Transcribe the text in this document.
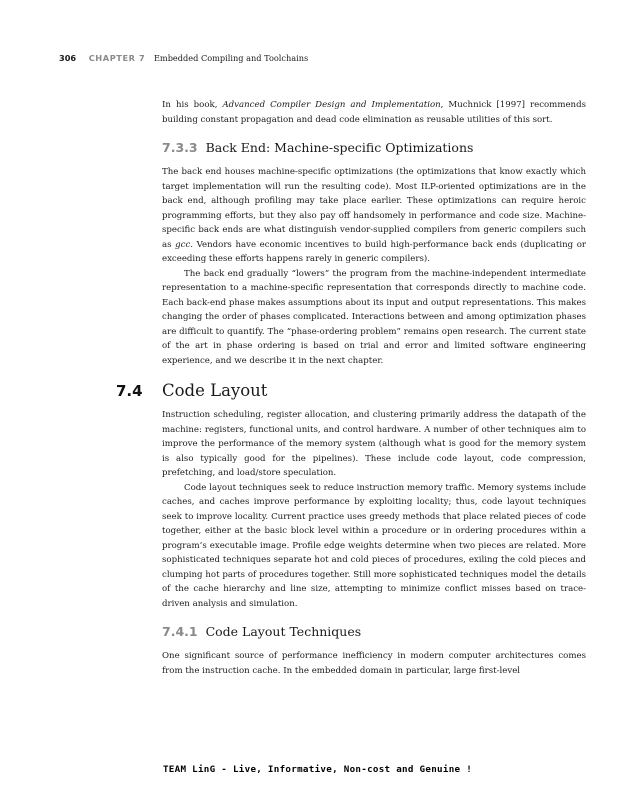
306 CHAPTER 7 Embedded Compiling and Toolchains

In his book, Advanced Compiler Design and Implementation, Muchnick [1997] recommends building constant propagation and dead code elimination as reusable utilities of this sort.

7.3.3 Back End: Machine-specific Optimizations

The back end houses machine-specific optimizations (the optimizations that know exactly which target implementation will run the resulting code). Most ILP-oriented optimizations are in the back end, although profiling may take place earlier. These optimizations can require heroic programming efforts, but they also pay off handsomely in performance and code size. Machine-specific back ends are what distinguish vendor-supplied compilers from generic compilers such as gcc. Vendors have economic incentives to build high-performance back ends (duplicating or exceeding these efforts happens rarely in generic compilers).

The back end gradually “lowers” the program from the machine-independent intermediate representation to a machine-specific representation that corresponds directly to machine code. Each back-end phase makes assumptions about its input and output representations. This makes changing the order of phases complicated. Interactions between and among optimization phases are difficult to quantify. The “phase-ordering problem” remains open research. The current state of the art in phase ordering is based on trial and error and limited software engineering experience, and we describe it in the next chapter.

7.4 Code Layout

Instruction scheduling, register allocation, and clustering primarily address the datapath of the machine: registers, functional units, and control hardware. A number of other techniques aim to improve the performance of the memory system (although what is good for the memory system is also typically good for the pipelines). These include code layout, code compression, prefetching, and load/store speculation.

Code layout techniques seek to reduce instruction memory traffic. Memory systems include caches, and caches improve performance by exploiting locality; thus, code layout techniques seek to improve locality. Current practice uses greedy methods that place related pieces of code together, either at the basic block level within a procedure or in ordering procedures within a program’s executable image. Profile edge weights determine when two pieces are related. More sophisticated techniques separate hot and cold pieces of procedures, exiling the cold pieces and clumping hot parts of procedures together. Still more sophisticated techniques model the details of the cache hierarchy and line size, attempting to minimize conflict misses based on trace-driven analysis and simulation.

7.4.1 Code Layout Techniques

One significant source of performance inefficiency in modern computer architectures comes from the instruction cache. In the embedded domain in particular, large first-level

TEAM LinG - Live, Informative, Non-cost and Genuine !
